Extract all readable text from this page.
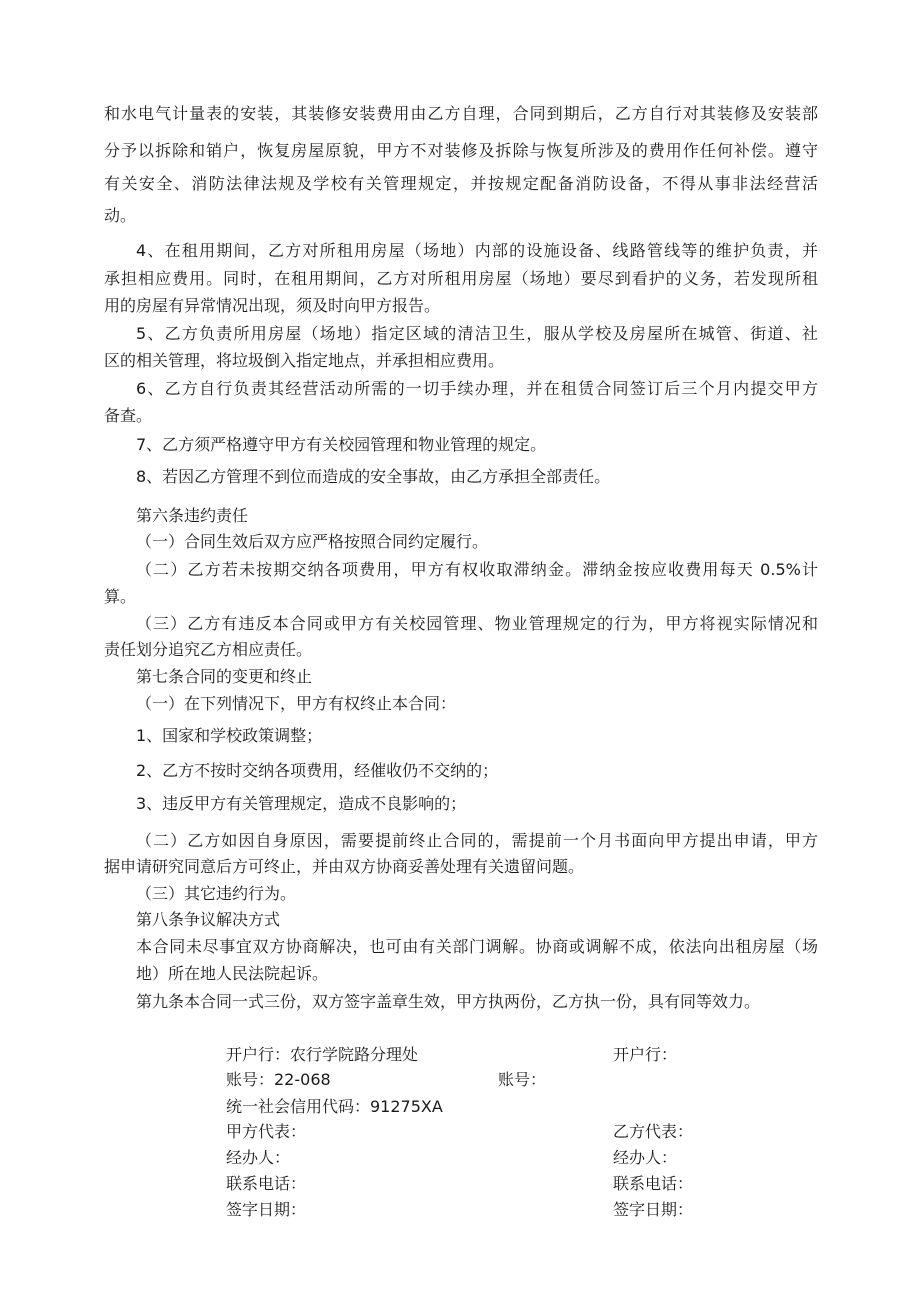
和水电气计量表的安装，其装修安装费用由乙方自理，合同到期后，乙方自行对其装修及安装部
分予以拆除和销户，恢复房屋原貌，甲方不对装修及拆除与恢复所涉及的费用作任何补偿。遵守
有关安全、消防法律法规及学校有关管理规定，并按规定配备消防设备，不得从事非法经营活
动。
4、在租用期间，乙方对所租用房屋（场地）内部的设施设备、线路管线等的维护负责，并
承担相应费用。同时，在租用期间，乙方对所租用房屋（场地）要尽到看护的义务，若发现所租
用的房屋有异常情况出现，须及时向甲方报告。
5、乙方负责所用房屋（场地）指定区域的清洁卫生，服从学校及房屋所在城管、街道、社
区的相关管理，将垃圾倒入指定地点，并承担相应费用。
6、乙方自行负责其经营活动所需的一切手续办理，并在租赁合同签订后三个月内提交甲方
备查。
7、乙方须严格遵守甲方有关校园管理和物业管理的规定。
8、若因乙方管理不到位而造成的安全事故，由乙方承担全部责任。
第六条违约责任
（一）合同生效后双方应严格按照合同约定履行。
（二）乙方若未按期交纳各项费用，甲方有权收取滞纳金。滞纳金按应收费用每天 0.5%计
算。
（三）乙方有违反本合同或甲方有关校园管理、物业管理规定的行为，甲方将视实际情况和
责任划分追究乙方相应责任。
第七条合同的变更和终止
（一）在下列情况下，甲方有权终止本合同：
1、国家和学校政策调整；
2、乙方不按时交纳各项费用，经催收仍不交纳的；
3、违反甲方有关管理规定，造成不良影响的；
（二）乙方如因自身原因，需要提前终止合同的，需提前一个月书面向甲方提出申请，甲方
据申请研究同意后方可终止，并由双方协商妥善处理有关遗留问题。
（三）其它违约行为。
第八条争议解决方式
本合同未尽事宜双方协商解决，也可由有关部门调解。协商或调解不成，依法向出租房屋（场
地）所在地人民法院起诉。
第九条本合同一式三份，双方签字盖章生效，甲方执两份，乙方执一份，具有同等效力。
开户行：农行学院路分理处	开户行：
账号：22-068	账号：
统一社会信用代码：91275XA
甲方代表：	乙方代表：
经办人：	经办人：
联系电话：	联系电话：
签字日期：	签字日期：
